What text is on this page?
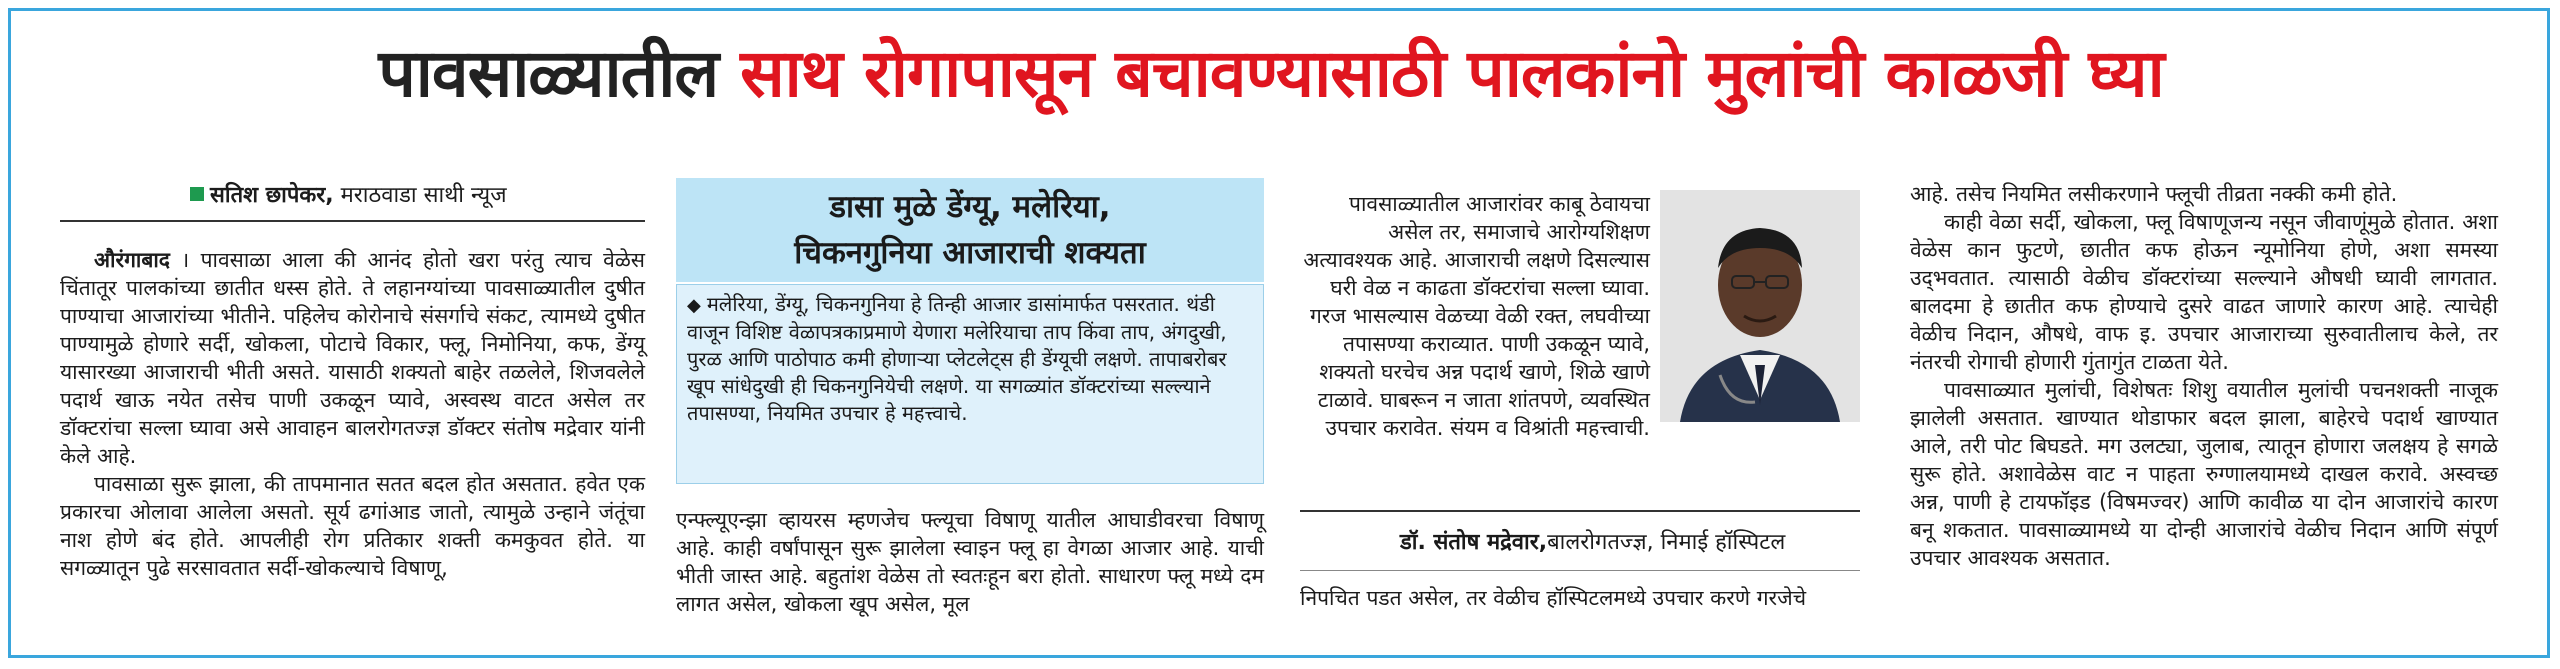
पावसाळ्यातील साथ रोगापासून बचावण्यासाठी पालकांनो मुलांची काळजी घ्या
सतिश छापेकर, मराठवाडा साथी न्यूज

औरंगाबाद । पावसाळा आला की आनंद होतो खरा परंतु त्याच वेळेस चिंतातूर पालकांच्या छातीत धस्स होते. ते लहानग्यांच्या पावसाळ्यातील दुषीत पाण्याचा आजारांच्या भीतीने. पहिलेच कोरोनाचे संसर्गाचे संकट, त्यामध्ये दुषीत पाण्यामुळे होणारे सर्दी, खोकला, पोटाचे विकार, फ्लू, निमोनिया, कफ, डेंग्यू यासारख्या आजाराची भीती असते. यासाठी शक्यतो बाहेर तळलेले, शिजवलेले पदार्थ खाऊ नयेत तसेच पाणी उकळून प्यावे, अस्वस्थ वाटत असेल तर डॉक्टरांचा सल्ला घ्यावा असे आवाहन बालरोगतज्ज्ञ डॉक्टर संतोष मद्रेवार यांनी केले आहे.

पावसाळा सुरू झाला, की तापमानात सतत बदल होत असतात. हवेत एक प्रकारचा ओलावा आलेला असतो. सूर्य ढगांआड जातो, त्यामुळे उन्हाने जंतूंचा नाश होणे बंद होते. आपलीही रोग प्रतिकार शक्ती कमकुवत होते. या सगळ्यातून पुढे सरसावतात सर्दी-खोकल्याचे विषाणू,

डासा मुळे डेंग्यू, मलेरिया,
चिकनगुनिया आजाराची शक्यता
◆ मलेरिया, डेंग्यू, चिकनगुनिया हे तिन्ही आजार डासांमार्फत पसरतात. थंडी वाजून विशिष्ट वेळापत्रकाप्रमाणे येणारा मलेरियाचा ताप किंवा ताप, अंगदुखी, पुरळ आणि पाठोपाठ कमी होणाऱ्या प्लेटलेट्स ही डेंग्यूची लक्षणे. तापाबरोबर खूप सांधेदुखी ही चिकनगुनियेची लक्षणे. या सगळ्यांत डॉक्टरांच्या सल्ल्याने तपासण्या, नियमित उपचार हे महत्त्वाचे.

एन्फ्ल्यूएन्झा व्हायरस म्हणजेच फ्ल्यूचा विषाणू यातील आघाडीवरचा विषाणू आहे. काही वर्षांपासून सुरू झालेला स्वाइन फ्लू हा वेगळा आजार आहे. याची भीती जास्त आहे. बहुतांश वेळेस तो स्वतःहून बरा होतो. साधारण फ्लू मध्ये दम लागत असेल, खोकला खूप असेल, मूल

पावसाळ्यातील आजारांवर काबू ठेवायचा असेल तर, समाजाचे आरोग्यशिक्षण अत्यावश्यक आहे. आजाराची लक्षणे दिसल्यास घरी वेळ न काढता डॉक्टरांचा सल्ला घ्यावा. गरज भासल्यास वेळच्या वेळी रक्त, लघवीच्या तपासण्या कराव्यात. पाणी उकळून प्यावे, शक्यतो घरचेच अन्न पदार्थ खाणे, शिळे खाणे टाळावे. घाबरून न जाता शांतपणे, व्यवस्थित उपचार करावेत. संयम व विश्रांती महत्त्वाची.

डॉ. संतोष मद्रेवार,बालरोगतज्ज्ञ, निमाई हॉस्पिटल

निपचित पडत असेल, तर वेळीच हॉस्पिटलमध्ये उपचार करणे गरजेचे

आहे. तसेच नियमित लसीकरणाने फ्लूची तीव्रता नक्की कमी होते.

काही वेळा सर्दी, खोकला, फ्लू विषाणूजन्य नसून जीवाणूंमुळे होतात. अशा वेळेस कान फुटणे, छातीत कफ होऊन न्यूमोनिया होणे, अशा समस्या उद्‌भवतात. त्यासाठी वेळीच डॉक्टरांच्या सल्ल्याने औषधी घ्यावी लागतात. बालदमा हे छातीत कफ होण्याचे दुसरे वाढत जाणारे कारण आहे. त्याचेही वेळीच निदान, औषधे, वाफ इ. उपचार आजाराच्या सुरुवातीलाच केले, तर नंतरची रोगाची होणारी गुंतागुंत टाळता येते.

पावसाळ्यात मुलांची, विशेषतः शिशु वयातील मुलांची पचनशक्ती नाजूक झालेली असतात. खाण्यात थोडाफार बदल झाला, बाहेरचे पदार्थ खाण्यात आले, तरी पोट बिघडते. मग उलट्या, जुलाब, त्यातून होणारा जलक्षय हे सगळे सुरू होते. अशावेळेस वाट न पाहता रुग्णालयामध्ये दाखल करावे. अस्वच्छ अन्न, पाणी हे टायफॉइड (विषमज्वर) आणि कावीळ या दोन आजारांचे कारण बनू शकतात. पावसाळ्यामध्ये या दोन्ही आजारांचे वेळीच निदान आणि संपूर्ण उपचार आवश्यक असतात.
